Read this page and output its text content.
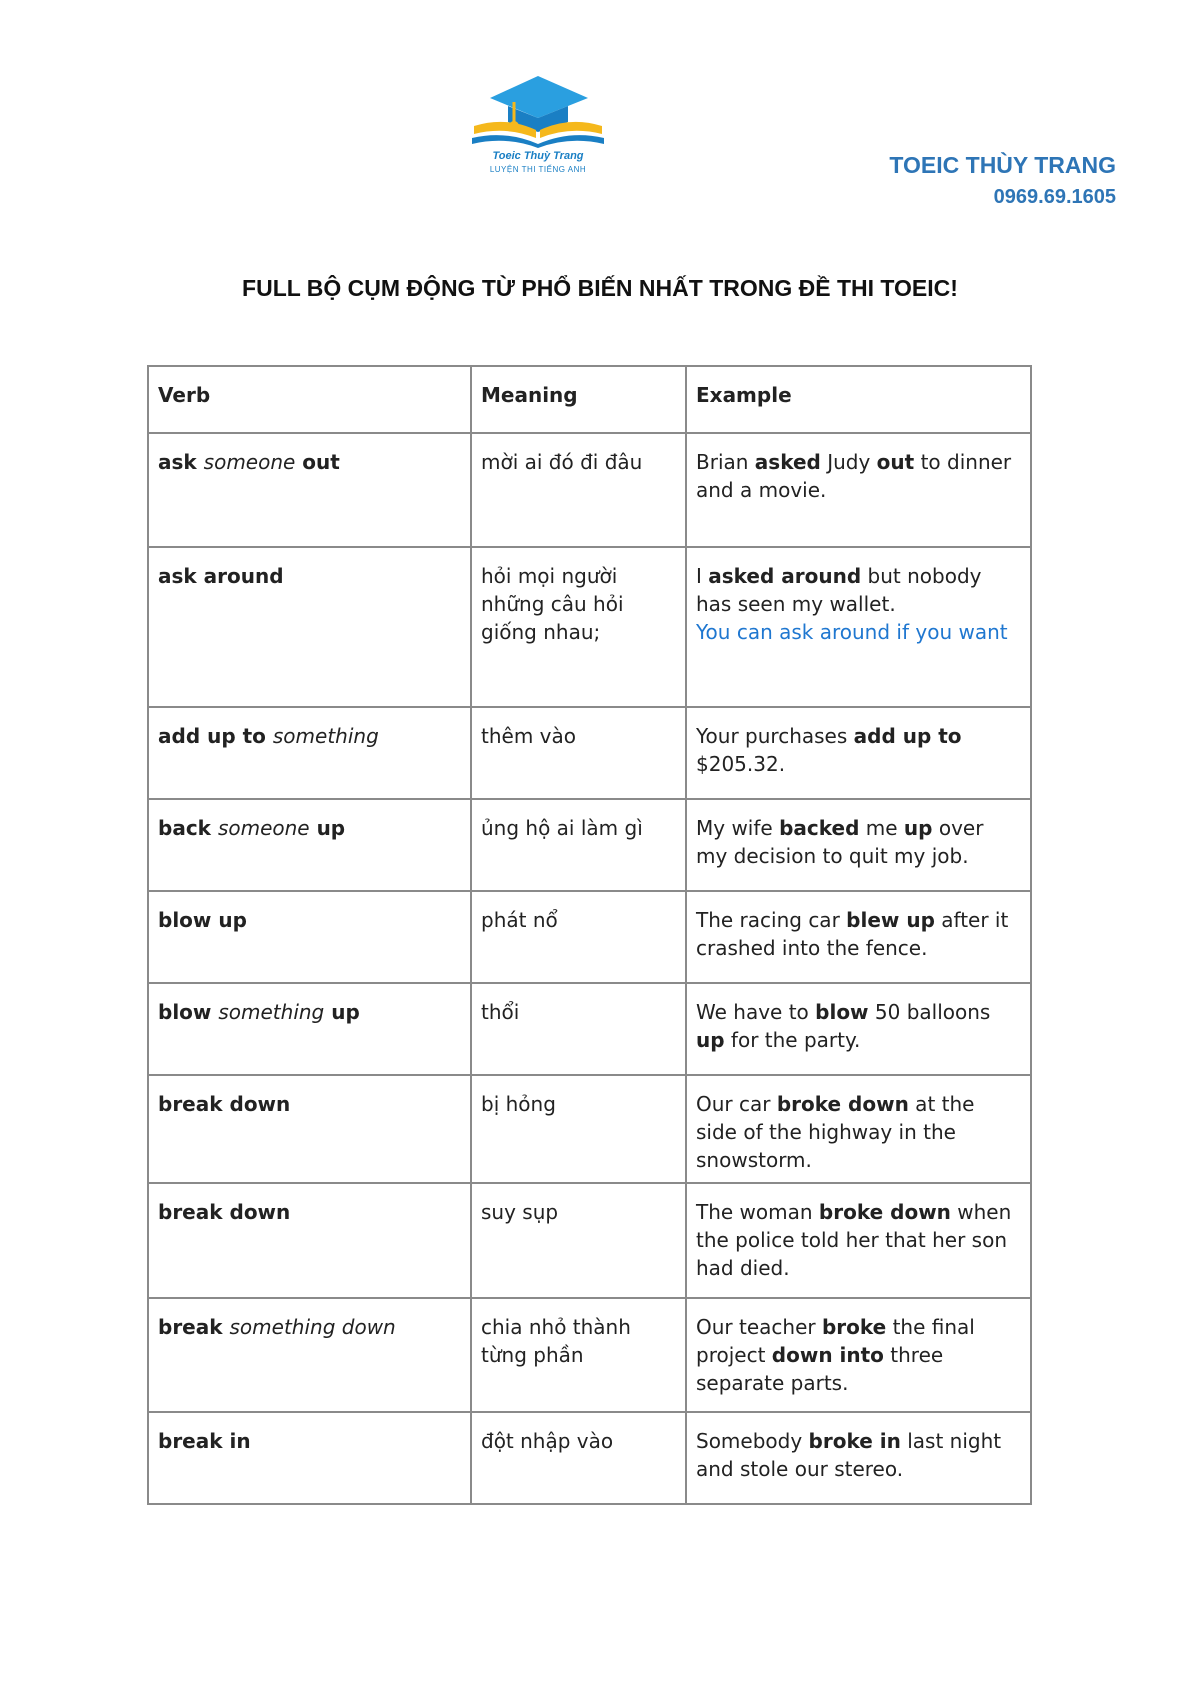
Toeic Thuỳ Trang
LUYỆN THI TIẾNG ANH	TOEIC THÙY TRANG
0969.69.1605
FULL BỘ CỤM ĐỘNG TỪ PHỔ BIẾN NHẤT TRONG ĐỀ THI TOEIC!
Verb	Meaning	Example
ask someone out	mời ai đó đi đâu	Brian asked Judy out to dinner and a movie.
ask around	hỏi mọi người những câu hỏi giống nhau;	I asked around but nobody has seen my wallet.
You can ask around if you want

add up to something	thêm vào	Your purchases add up to $205.32.
back someone up	ủng hộ ai làm gì	My wife backed me up over my decision to quit my job.
blow up	phát nổ	The racing car blew up after it crashed into the fence.
blow something up	thổi	We have to blow 50 balloons up for the party.
break down	bị hỏng	Our car broke down at the side of the highway in the snowstorm.
break down	suy sụp	The woman broke down when the police told her that her son had died.
break something down	chia nhỏ thành từng phần	Our teacher broke the final project down into three separate parts.
break in	đột nhập vào	Somebody broke in last night and stole our stereo.
